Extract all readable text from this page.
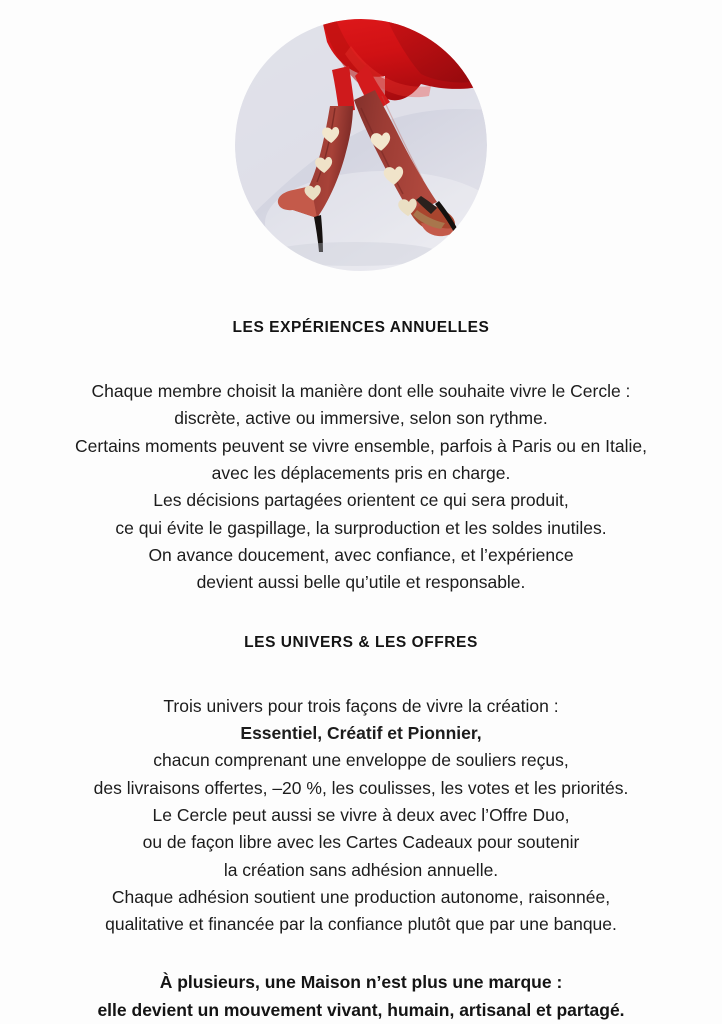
LES EXPÉRIENCES ANNUELLES
Chaque membre choisit la manière dont elle souhaite vivre le Cercle :
discrète, active ou immersive, selon son rythme.
Certains moments peuvent se vivre ensemble, parfois à Paris ou en Italie,
avec les déplacements pris en charge.
Les décisions partagées orientent ce qui sera produit,
ce qui évite le gaspillage, la surproduction et les soldes inutiles.
On avance doucement, avec confiance, et l’expérience
devient aussi belle qu’utile et responsable.
LES UNIVERS & LES OFFRES
Trois univers pour trois façons de vivre la création :
Essentiel, Créatif et Pionnier,
chacun comprenant une enveloppe de souliers reçus,
des livraisons offertes, –20 %, les coulisses, les votes et les priorités.
Le Cercle peut aussi se vivre à deux avec l’Offre Duo,
ou de façon libre avec les Cartes Cadeaux pour soutenir
la création sans adhésion annuelle.
Chaque adhésion soutient une production autonome, raisonnée,
qualitative et financée par la confiance plutôt que par une banque.
À plusieurs, une Maison n’est plus une marque :
elle devient un mouvement vivant, humain, artisanal et partagé.
